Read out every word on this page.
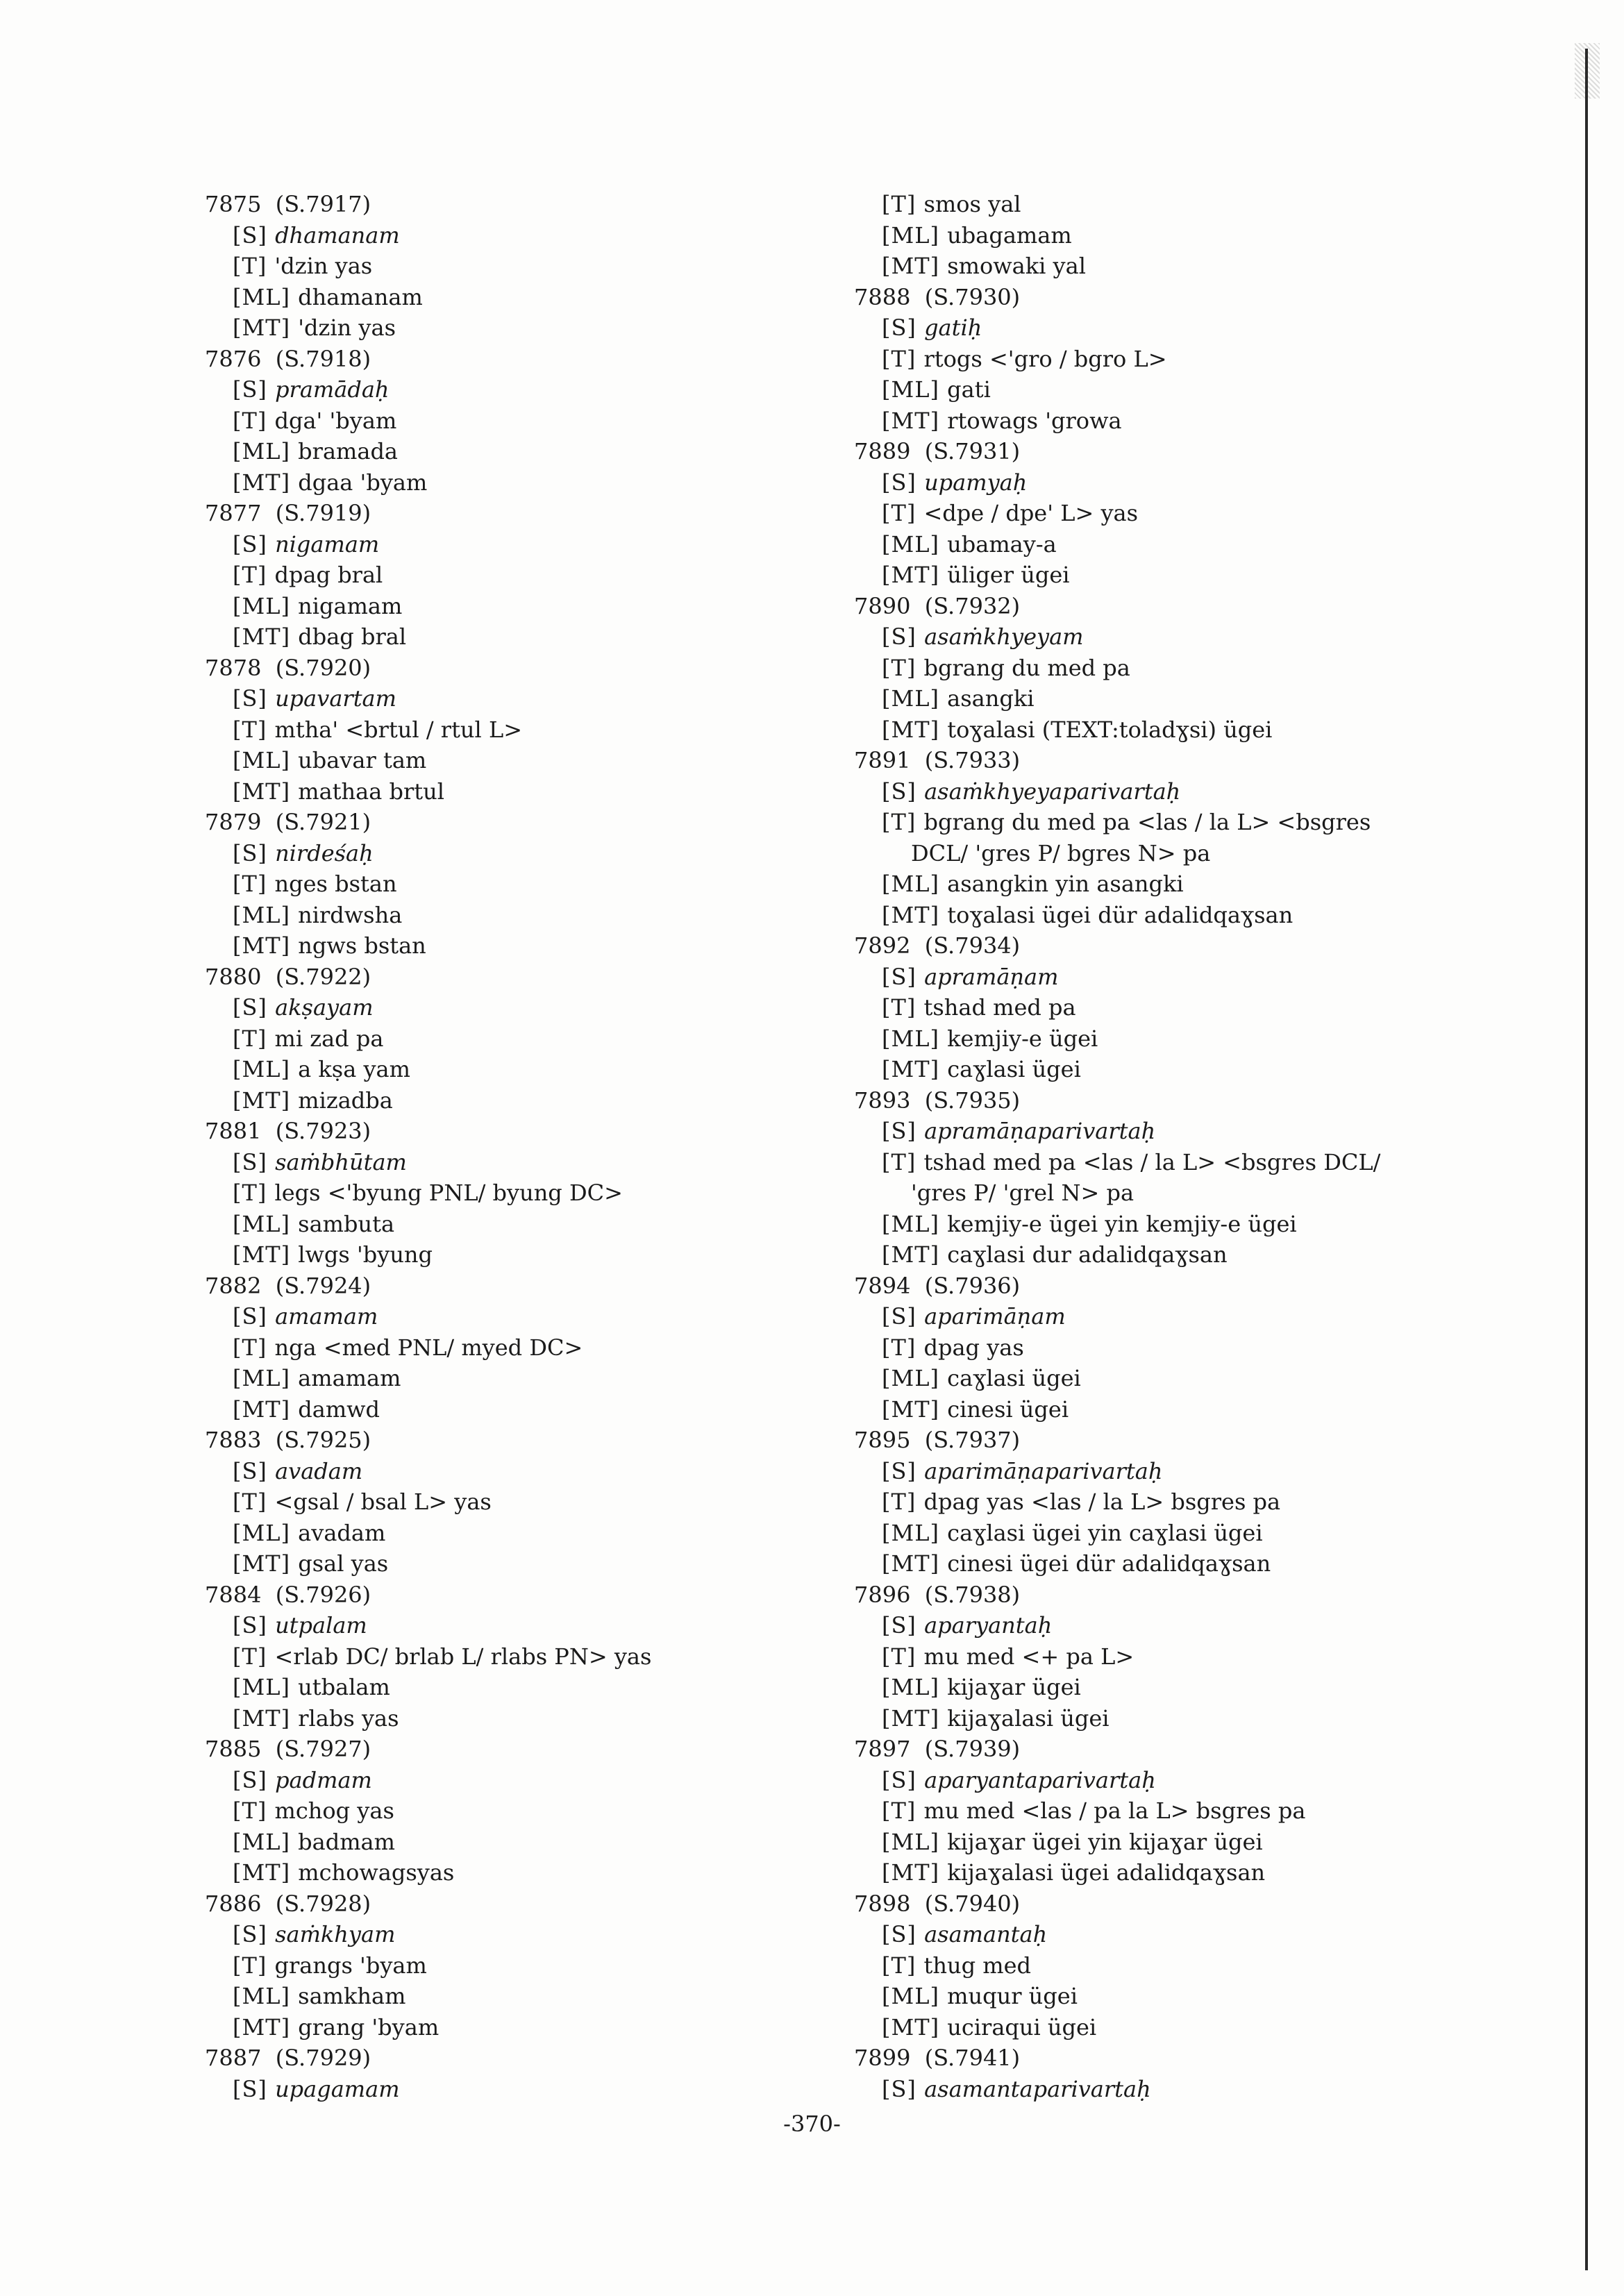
7875 (S.7917)
[S] dhamanam
[T] 'dzin yas
[ML] dhamanam
[MT] 'dzin yas
7876 (S.7918)
[S] pramādaḥ
[T] dga' 'byam
[ML] bramada
[MT] dgaa 'byam
7877 (S.7919)
[S] nigamam
[T] dpag bral
[ML] nigamam
[MT] dbag bral
7878 (S.7920)
[S] upavartam
[T] mtha' <brtul / rtul L>
[ML] ubavar tam
[MT] mathaa brtul
7879 (S.7921)
[S] nirdeśaḥ
[T] nges bstan
[ML] nirdwsha
[MT] ngws bstan
7880 (S.7922)
[S] akṣayam
[T] mi zad pa
[ML] a kṣa yam
[MT] mizadba
7881 (S.7923)
[S] saṁbhūtam
[T] legs <'byung PNL/ byung DC>
[ML] sambuta
[MT] lwgs 'byung
7882 (S.7924)
[S] amamam
[T] nga <med PNL/ myed DC>
[ML] amamam
[MT] damwd
7883 (S.7925)
[S] avadam
[T] <gsal / bsal L> yas
[ML] avadam
[MT] gsal yas
7884 (S.7926)
[S] utpalam
[T] <rlab DC/ brlab L/ rlabs PN> yas
[ML] utbalam
[MT] rlabs yas
7885 (S.7927)
[S] padmam
[T] mchog yas
[ML] badmam
[MT] mchowagsyas
7886 (S.7928)
[S] saṁkhyam
[T] grangs 'byam
[ML] samkham
[MT] grang 'byam
7887 (S.7929)
[S] upagamam
[T] smos yal
[ML] ubagamam
[MT] smowaki yal
7888 (S.7930)
[S] gatiḥ
[T] rtogs <'gro / bgro L>
[ML] gati
[MT] rtowags 'growa
7889 (S.7931)
[S] upamyaḥ
[T] <dpe / dpe' L> yas
[ML] ubamay-a
[MT] üliger ügei
7890 (S.7932)
[S] asaṁkhyeyam
[T] bgrang du med pa
[ML] asangki
[MT] toɣalasi (TEXT:toladɣsi) ügei
7891 (S.7933)
[S] asaṁkhyeyaparivartaḥ
[T] bgrang du med pa <las / la L> <bsgres
DCL/ 'gres P/ bgres N> pa
[ML] asangkin yin asangki
[MT] toɣalasi ügei dür adalidqaɣsan
7892 (S.7934)
[S] apramāṇam
[T] tshad med pa
[ML] kemjiy-e ügei
[MT] caɣlasi ügei
7893 (S.7935)
[S] apramāṇaparivartaḥ
[T] tshad med pa <las / la L> <bsgres DCL/
'gres P/ 'grel N> pa
[ML] kemjiy-e ügei yin kemjiy-e ügei
[MT] caɣlasi dur adalidqaɣsan
7894 (S.7936)
[S] aparimāṇam
[T] dpag yas
[ML] caɣlasi ügei
[MT] cinesi ügei
7895 (S.7937)
[S] aparimāṇaparivartaḥ
[T] dpag yas <las / la L> bsgres pa
[ML] caɣlasi ügei yin caɣlasi ügei
[MT] cinesi ügei dür adalidqaɣsan
7896 (S.7938)
[S] aparyantaḥ
[T] mu med <+ pa L>
[ML] kijaɣar ügei
[MT] kijaɣalasi ügei
7897 (S.7939)
[S] aparyantaparivartaḥ
[T] mu med <las / pa la L> bsgres pa
[ML] kijaɣar ügei yin kijaɣar ügei
[MT] kijaɣalasi ügei adalidqaɣsan
7898 (S.7940)
[S] asamantaḥ
[T] thug med
[ML] muqur ügei
[MT] uciraqui ügei
7899 (S.7941)
[S] asamantaparivartaḥ
-370-
